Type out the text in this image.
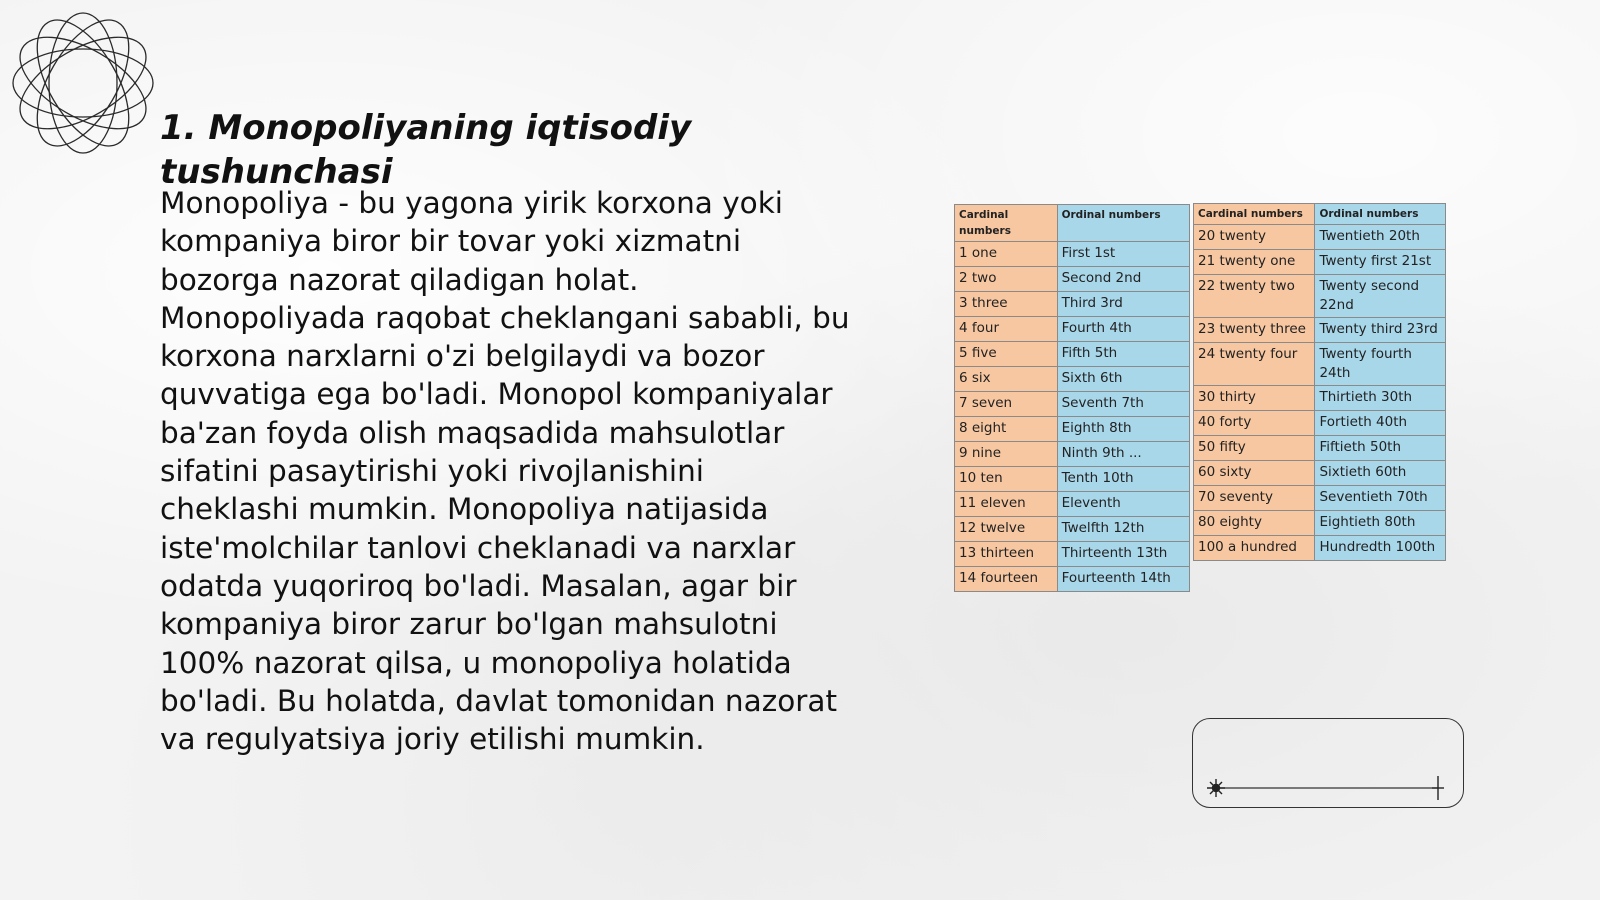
1. Monopoliyaning iqtisodiy tushunchasi

Monopoliya - bu yagona yirik korxona yoki kompaniya biror bir tovar yoki xizmatni bozorga nazorat qiladigan holat. Monopoliyada raqobat cheklangani sababli, bu korxona narxlarni o'zi belgilaydi va bozor quvvatiga ega bo'ladi. Monopol kompaniyalar ba'zan foyda olish maqsadida mahsulotlar sifatini pasaytirishi yoki rivojlanishini cheklashi mumkin. Monopoliya natijasida iste'molchilar tanlovi cheklanadi va narxlar odatda yuqoriroq bo'ladi. Masalan, agar bir kompaniya biror zarur bo'lgan mahsulotni 100% nazorat qilsa, u monopoliya holatida bo'ladi. Bu holatda, davlat tomonidan nazorat va regulyatsiya joriy etilishi mumkin.

Cardinal numbers	Ordinal numbers
1 one	First 1st
2 two	Second 2nd
3 three	Third 3rd
4 four	Fourth 4th
5 five	Fifth 5th
6 six	Sixth 6th
7 seven	Seventh 7th
8 eight	Eighth 8th
9 nine	Ninth 9th ...
10 ten	Tenth 10th
11 eleven	Eleventh
12 twelve	Twelfth 12th
13 thirteen	Thirteenth 13th
14 fourteen	Fourteenth 14th
Cardinal numbers	Ordinal numbers
20 twenty	Twentieth 20th
21 twenty one	Twenty first 21st
22 twenty two	Twenty second 22nd
23 twenty three	Twenty third 23rd
24 twenty four	Twenty fourth 24th
30 thirty	Thirtieth 30th
40 forty	Fortieth 40th
50 fifty	Fiftieth 50th
60 sixty	Sixtieth 60th
70 seventy	Seventieth 70th
80 eighty	Eightieth 80th
100 a hundred	Hundredth 100th
